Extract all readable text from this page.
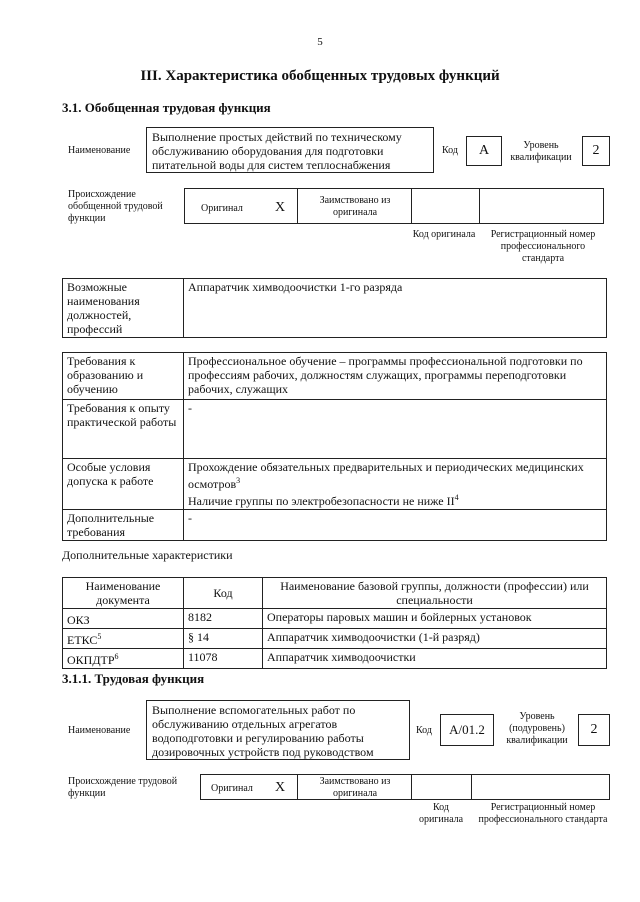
5
III. Характеристика обобщенных трудовых функций
3.1. Обобщенная трудовая функция
Наименование
Выполнение простых действий по техническому обслуживанию оборудования для подготовки питательной воды для систем теплоснабжения
Код	А	Уровень квалификации	2
Происхождение обобщенной трудовой функции
Оригинал X	Заимствовано из оригинала
Код оригинала	Регистрационный номер профессионального стандарта
Возможные наименования должностей, профессий	Аппаратчик химводоочистки 1-го разряда
Требования к образованию и обучению	Профессиональное обучение – программы профессиональной подготовки по профессиям рабочих, должностям служащих, программы переподготовки рабочих, служащих
Требования к опыту практической работы	-
Особые условия допуска к работе	Прохождение обязательных предварительных и периодических медицинских осмотров$^3$
Наличие группы по электробезопасности не ниже $II^4$
Дополнительные требования	-
Дополнительные характеристики
Наименование документа	Код	Наименование базовой группы, должности (профессии) или специальности
ОКЗ	8182	Операторы паровых машин и бойлерных установок
ЕТКС$^5$	§ 14	Аппаратчик химводоочистки (1-й разряд)
ОКПДТР$^6$	11078	Аппаратчик химводоочистки
3.1.1. Трудовая функция
Наименование
Выполнение вспомогательных работ по обслуживанию отдельных агрегатов водоподготовки и регулированию работы дозировочных устройств под руководством
Код	А/01.2
Уровень (подуровень) квалификации
2
Происхождение трудовой функции	Оригинал X	Заимствовано из оригинала
Код оригинала
Регистрационный номер профессионального стандарта
